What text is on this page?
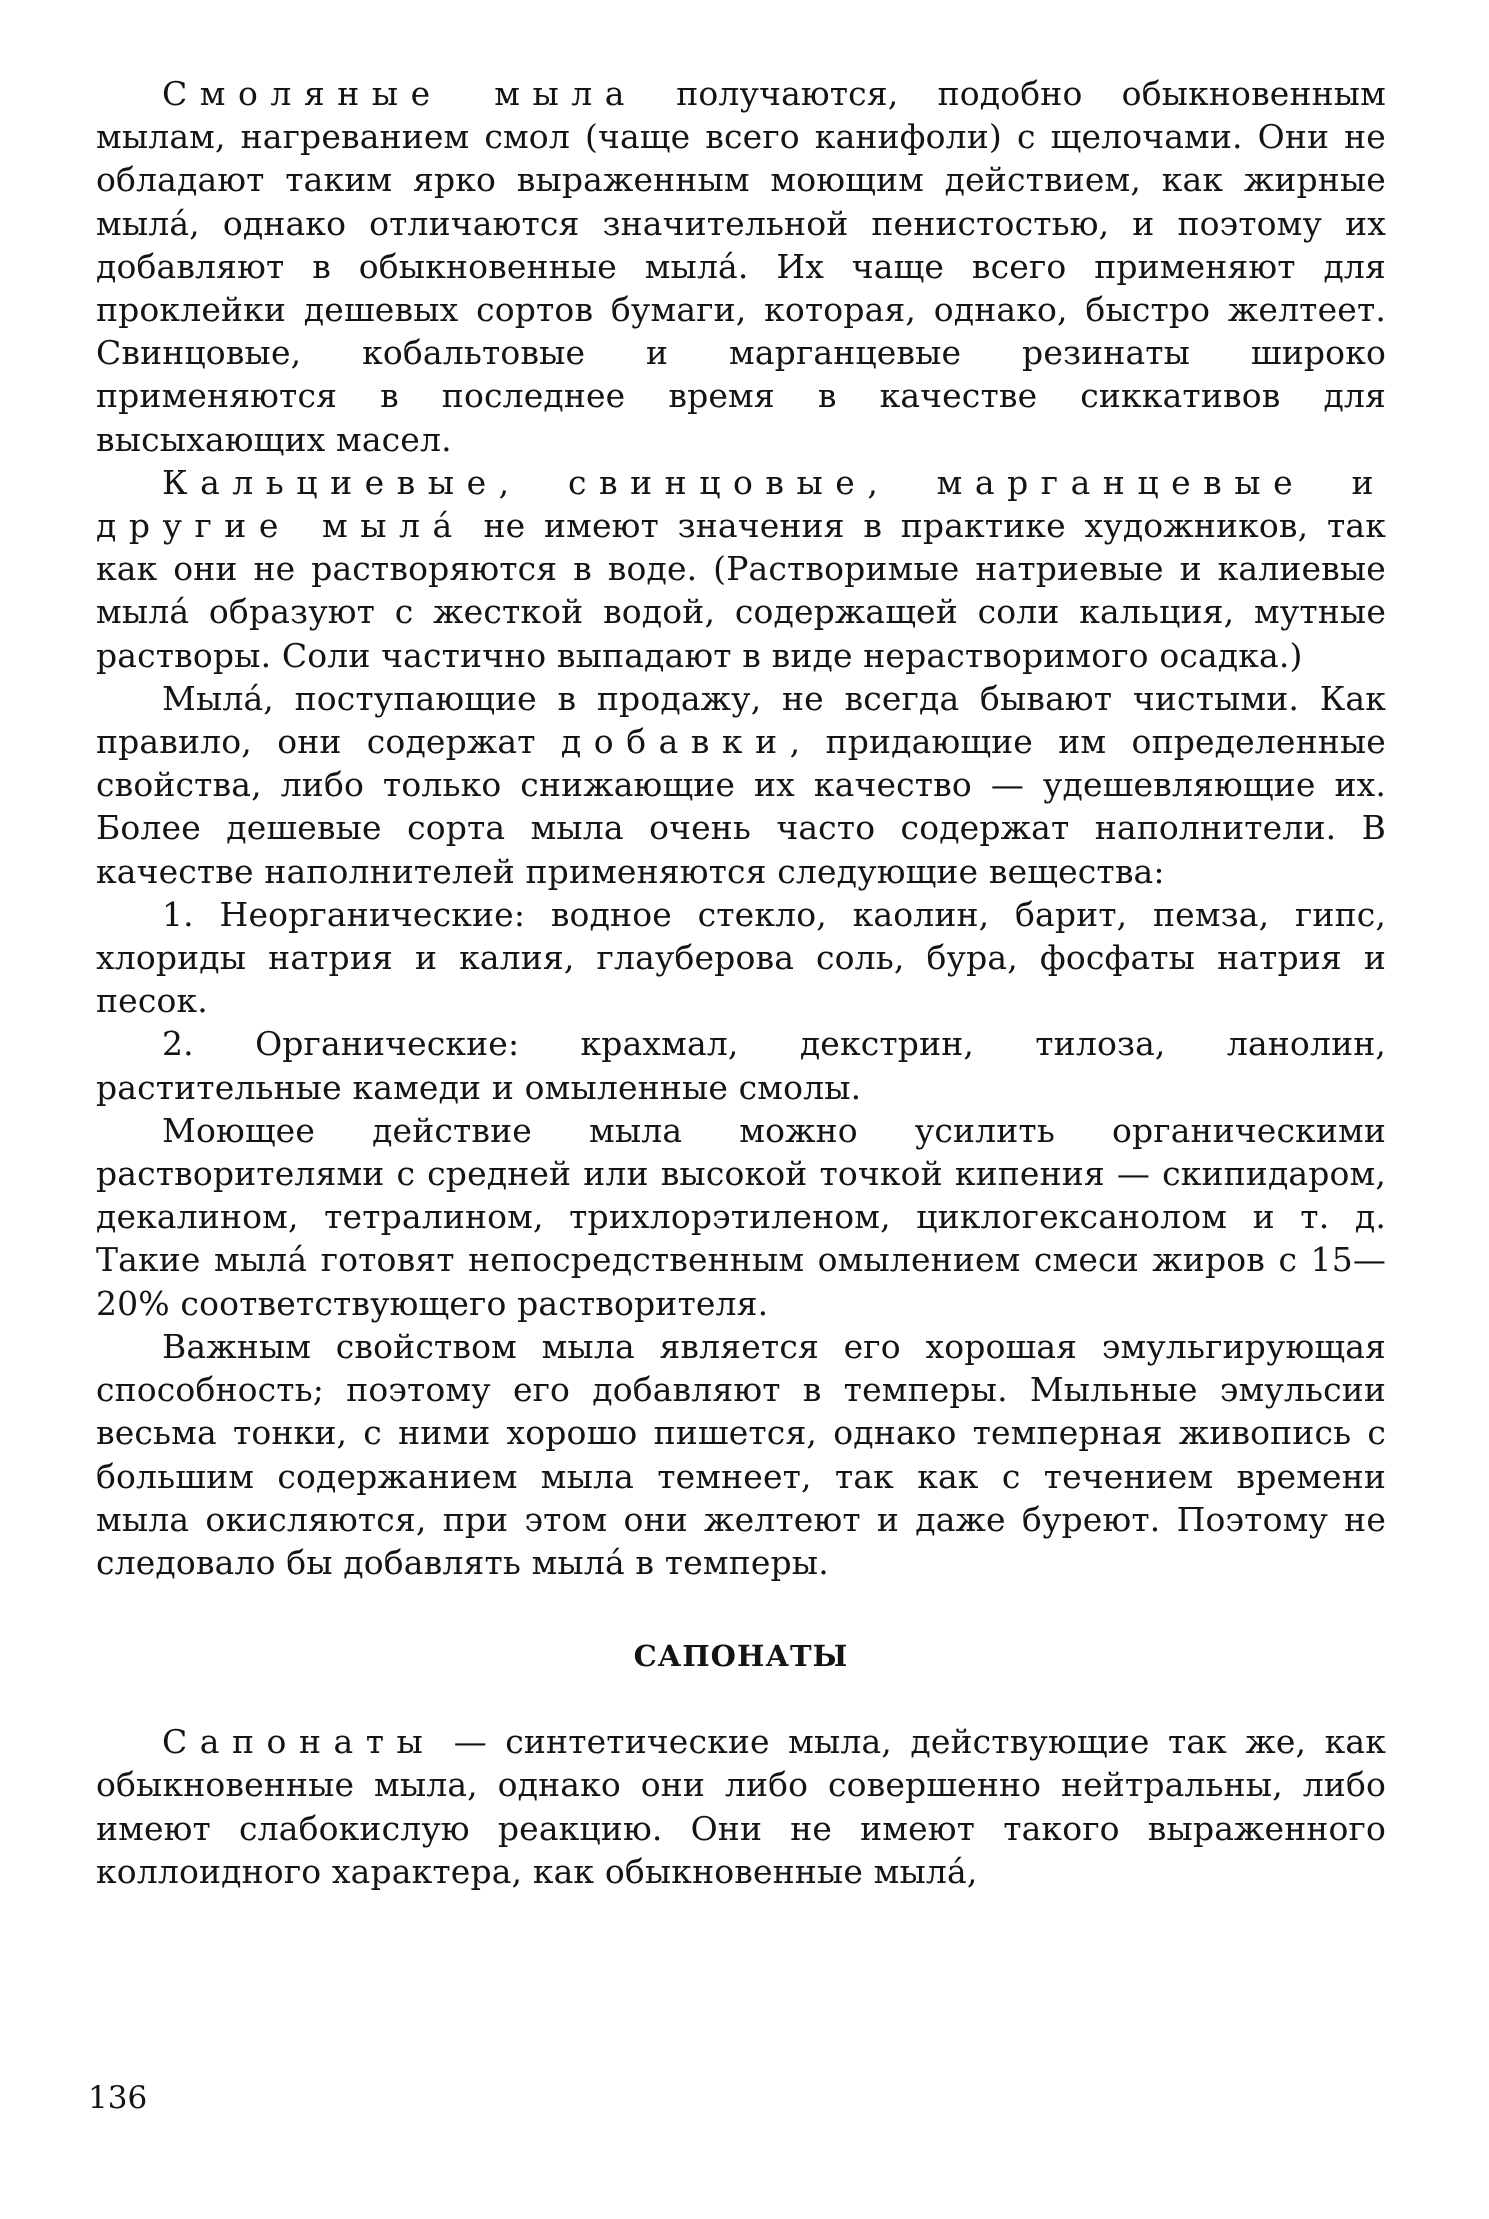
Смоляные мыла получаются, подобно обыкновенным мылам, нагреванием смол (чаще всего канифоли) с щелочами. Они не обладают таким ярко выраженным моющим действием, как жирные мылá, однако отличаются значительной пенистостью, и поэтому их добавляют в обыкновенные мылá. Их чаще всего применяют для проклейки дешевых сортов бумаги, которая, однако, быстро желтеет. Свинцовые, кобальтовые и марганцевые резинаты широко применяются в последнее время в качестве сиккативов для высыхающих масел.

Кальциевые, свинцовые, марганцевые и другие мылá не имеют значения в практике художников, так как они не растворяются в воде. (Растворимые натриевые и калиевые мылá образуют с жесткой водой, содержащей соли кальция, мутные растворы. Соли частично выпадают в виде нерастворимого осадка.)

Мылá, поступающие в продажу, не всегда бывают чистыми. Как правило, они содержат добавки, придающие им определенные свойства, либо только снижающие их качество — удешевляющие их. Более дешевые сорта мыла очень часто содержат наполнители. В качестве наполнителей применяются следующие вещества:

1. Неорганические: водное стекло, каолин, барит, пемза, гипс, хлориды натрия и калия, глауберова соль, бура, фосфаты натрия и песок.

2. Органические: крахмал, декстрин, тилоза, ланолин, растительные камеди и омыленные смолы.

Моющее действие мыла можно усилить органическими растворителями с средней или высокой точкой кипения — скипидаром, декалином, тетралином, трихлорэтиленом, циклогексанолом и т. д. Такие мылá готовят непосредственным омылением смеси жиров с 15—20% соответствующего растворителя.

Важным свойством мыла является его хорошая эмульгирующая способность; поэтому его добавляют в темперы. Мыльные эмульсии весьма тонки, с ними хорошо пишется, однако темперная живопись с большим содержанием мыла темнеет, так как с течением времени мыла окисляются, при этом они желтеют и даже буреют. Поэтому не следовало бы добавлять мылá в темперы.

САПОНАТЫ

Сапонаты — синтетические мыла, действующие так же, как обыкновенные мыла, однако они либо совершенно нейтральны, либо имеют слабокислую реакцию. Они не имеют такого выраженного коллоидного характера, как обыкновенные мылá,

136
